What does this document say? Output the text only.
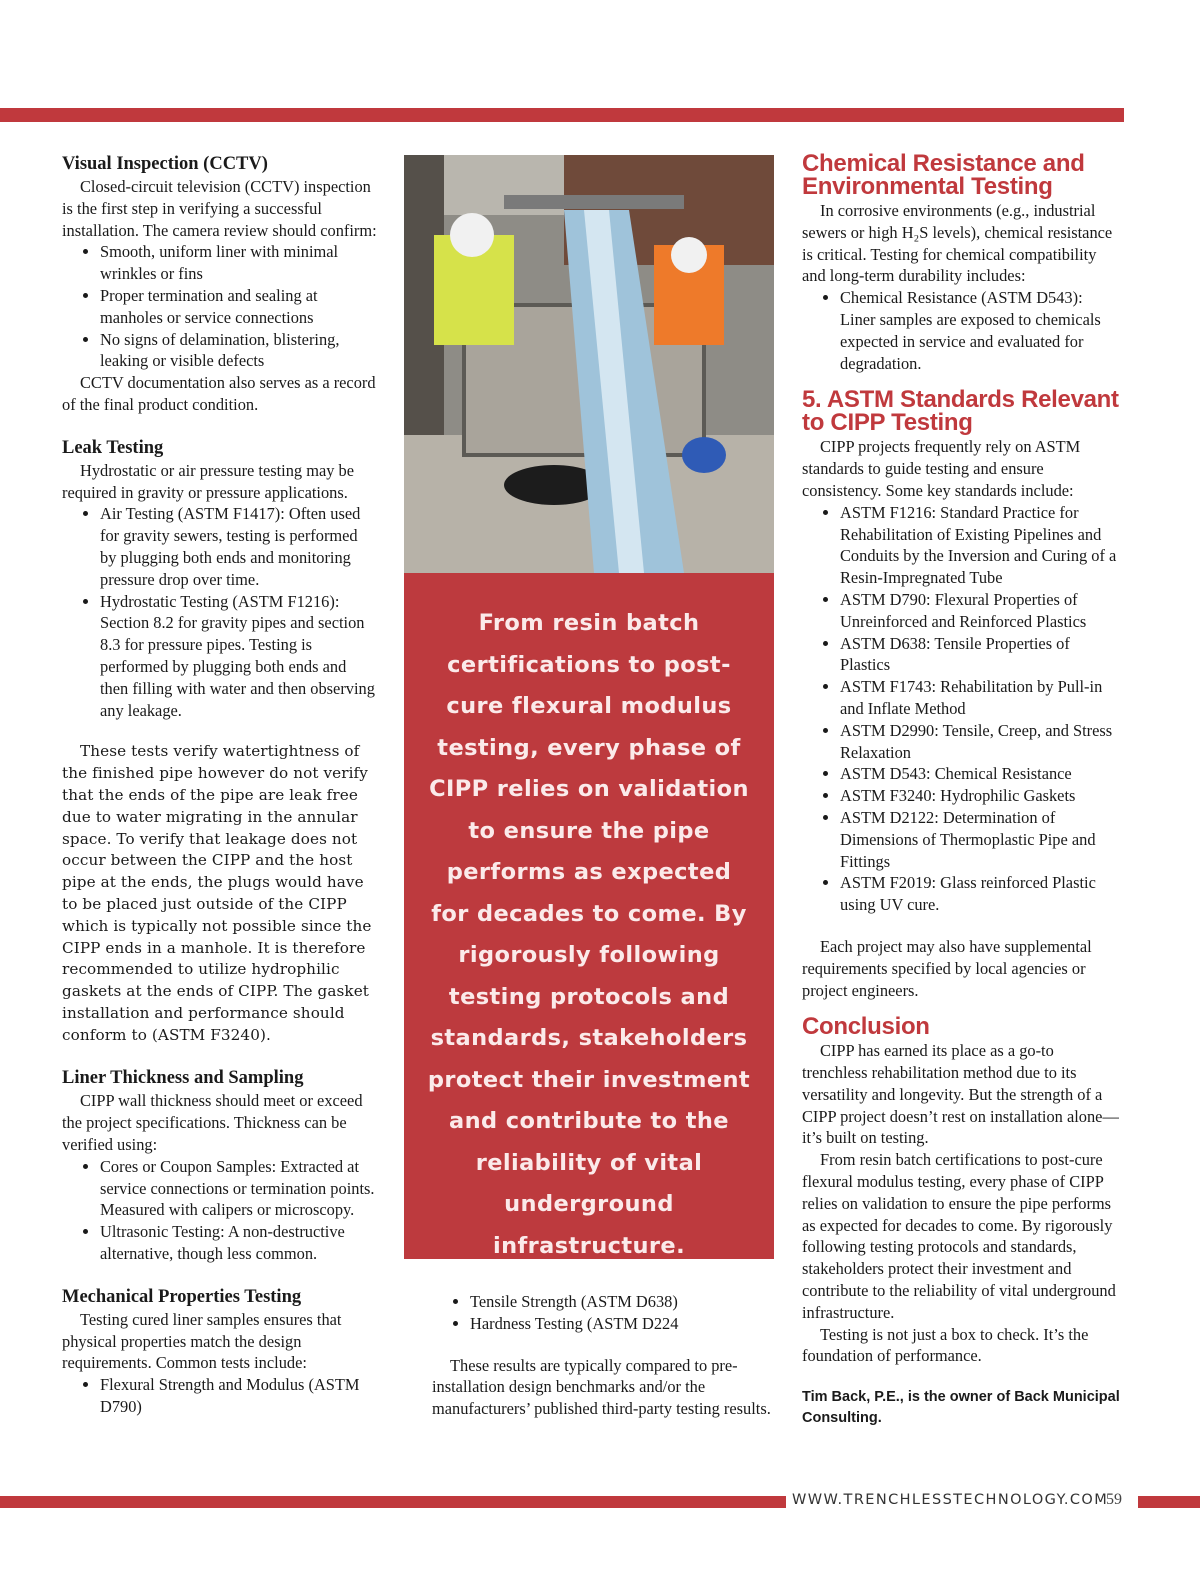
Visual Inspection (CCTV)

Closed-circuit television (CCTV) inspection is the first step in verifying a successful installation. The camera review should confirm:

• Smooth, uniform liner with minimal wrinkles or fins
• Proper termination and sealing at manholes or service connections
• No signs of delamination, blistering, leaking or visible defects

CCTV documentation also serves as a record of the final product condition.

Leak Testing

Hydrostatic or air pressure testing may be required in gravity or pressure applications.

• Air Testing (ASTM F1417): Often used for gravity sewers, testing is performed by plugging both ends and monitoring pressure drop over time.
• Hydrostatic Testing (ASTM F1216): Section 8.2 for gravity pipes and section 8.3 for pressure pipes. Testing is performed by plugging both ends and then filling with water and then observing any leakage.

These tests verify watertightness of the finished pipe however do not verify that the ends of the pipe are leak free due to water migrating in the annular space. To verify that leakage does not occur between the CIPP and the host pipe at the ends, the plugs would have to be placed just outside of the CIPP which is typically not possible since the CIPP ends in a manhole. It is therefore recommended to utilize hydrophilic gaskets at the ends of CIPP. The gasket installation and performance should conform to (ASTM F3240).

Liner Thickness and Sampling

CIPP wall thickness should meet or exceed the project specifications. Thickness can be verified using:

• Cores or Coupon Samples: Extracted at service connections or termination points. Measured with calipers or microscopy.
• Ultrasonic Testing: A non-destructive alternative, though less common.
Mechanical Properties Testing

Testing cured liner samples ensures that physical properties match the design requirements. Common tests include:

• Flexural Strength and Modulus (ASTM D790)
From resin batch certifications to post-cure flexural modulus testing, every phase of CIPP relies on validation to ensure the pipe performs as expected for decades to come. By rigorously following testing protocols and standards, stakeholders protect their investment and contribute to the reliability of vital underground infrastructure.
• Tensile Strength (ASTM D638)
• Hardness Testing (ASTM D224

These results are typically compared to pre-installation design benchmarks and/or the manufacturers’ published third-party testing results.

Chemical Resistance and Environmental Testing

In corrosive environments (e.g., industrial sewers or high H₂S levels), chemical resistance is critical. Testing for chemical compatibility and long-term durability includes:

• Chemical Resistance (ASTM D543): Liner samples are exposed to chemicals expected in service and evaluated for degradation.
5. ASTM Standards Relevant to CIPP Testing

CIPP projects frequently rely on ASTM standards to guide testing and ensure consistency. Some key standards include:

• ASTM F1216: Standard Practice for Rehabilitation of Existing Pipelines and Conduits by the Inversion and Curing of a Resin-Impregnated Tube
• ASTM D790: Flexural Properties of Unreinforced and Reinforced Plastics
• ASTM D638: Tensile Properties of Plastics
• ASTM F1743: Rehabilitation by Pull-in and Inflate Method
• ASTM D2990: Tensile, Creep, and Stress Relaxation
• ASTM D543: Chemical Resistance
• ASTM F3240: Hydrophilic Gaskets
• ASTM D2122: Determination of Dimensions of Thermoplastic Pipe and Fittings
• ASTM F2019: Glass reinforced Plastic using UV cure.

Each project may also have supplemental requirements specified by local agencies or project engineers.

Conclusion

CIPP has earned its place as a go-to trenchless rehabilitation method due to its versatility and longevity. But the strength of a CIPP project doesn’t rest on installation alone—it’s built on testing.

From resin batch certifications to post-cure flexural modulus testing, every phase of CIPP relies on validation to ensure the pipe performs as expected for decades to come. By rigorously following testing protocols and standards, stakeholders protect their investment and contribute to the reliability of vital underground infrastructure.

Testing is not just a box to check. It’s the foundation of performance.

Tim Back, P.E., is the owner of Back Municipal Consulting.
WWW.TRENCHLESSTECHNOLOGY.COM
59
